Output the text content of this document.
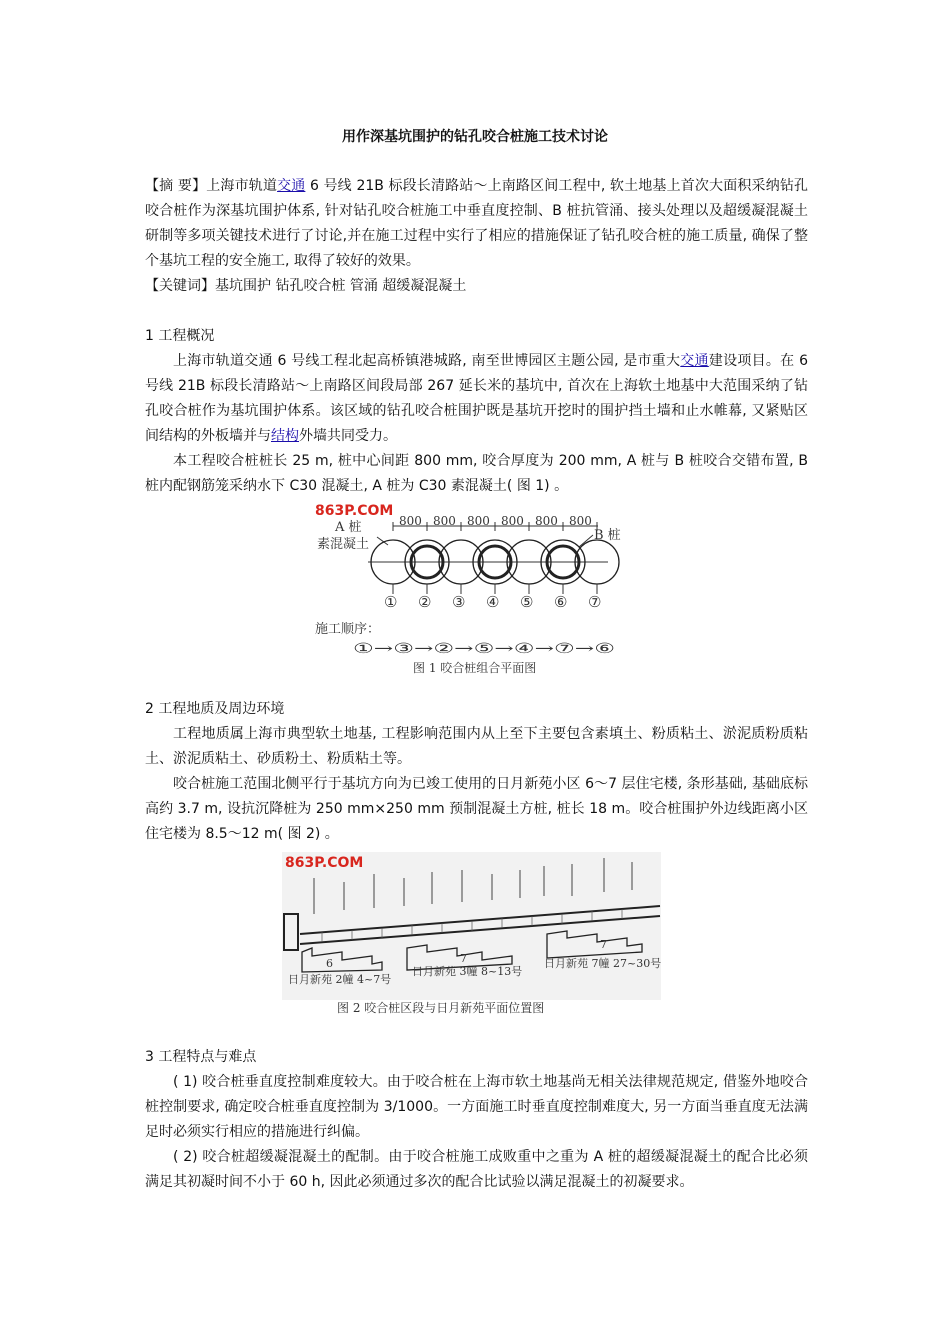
用作深基坑围护的钻孔咬合桩施工技术讨论

【摘 要】上海市轨道交通 6 号线 21B 标段长清路站～上南路区间工程中, 软土地基上首次大面积采纳钻孔咬合桩作为深基坑围护体系, 针对钻孔咬合桩施工中垂直度控制、B 桩抗管涌、接头处理以及超缓凝混凝土研制等多项关键技术进行了讨论,并在施工过程中实行了相应的措施保证了钻孔咬合桩的施工质量, 确保了整个基坑工程的安全施工, 取得了较好的效果。

【关键词】基坑围护 钻孔咬合桩 管涌 超缓凝混凝土

1 工程概况

上海市轨道交通 6 号线工程北起高桥镇港城路, 南至世博园区主题公园, 是市重大交通建设项目。在 6 号线 21B 标段长清路站～上南路区间段局部 267 延长米的基坑中, 首次在上海软土地基中大范围采纳了钻孔咬合桩作为基坑围护体系。该区域的钻孔咬合桩围护既是基坑开挖时的围护挡土墙和止水帷幕, 又紧贴区间结构的外板墙并与结构外墙共同受力。

本工程咬合桩桩长 25 m, 桩中心间距 800 mm, 咬合厚度为 200 mm, A 桩与 B 桩咬合交错布置, B 桩内配钢筋笼采纳水下 C30 混凝土, A 桩为 C30 素混凝土( 图 1) 。

863P.COM
A 桩
素混凝土
B 桩
800 800 800 800 800 800
① ② ③ ④ ⑤ ⑥ ⑦
施工顺序：
①→③→②→⑤→④→⑦→⑥
图 1 咬合桩组合平面图

2 工程地质及周边环境

工程地质属上海市典型软土地基, 工程影响范围内从上至下主要包含素填土、粉质粘土、淤泥质粉质粘土、淤泥质粘土、砂质粉土、粉质粘土等。

咬合桩施工范围北侧平行于基坑方向为已竣工使用的日月新苑小区 6～7 层住宅楼, 条形基础, 基础底标高约 3.7 m, 设抗沉降桩为 250 mm×250 mm 预制混凝土方桩, 桩长 18 m。咬合桩围护外边线距离小区住宅楼为 8.5～12 m( 图 2) 。

863P.COM
6	7
7
日月新苑 2幢 4~7号
日月新苑 3幢 8~13号
日月新苑 7幢 27~30号
图 2 咬合桩区段与日月新苑平面位置图

3 工程特点与难点

( 1) 咬合桩垂直度控制难度较大。由于咬合桩在上海市软土地基尚无相关法律规范规定, 借鉴外地咬合桩控制要求, 确定咬合桩垂直度控制为 3/1000。一方面施工时垂直度控制难度大, 另一方面当垂直度无法满足时必须实行相应的措施进行纠偏。

( 2) 咬合桩超缓凝混凝土的配制。由于咬合桩施工成败重中之重为 A 桩的超缓凝混凝土的配合比必须满足其初凝时间不小于 60 h, 因此必须通过多次的配合比试验以满足混凝土的初凝要求。
